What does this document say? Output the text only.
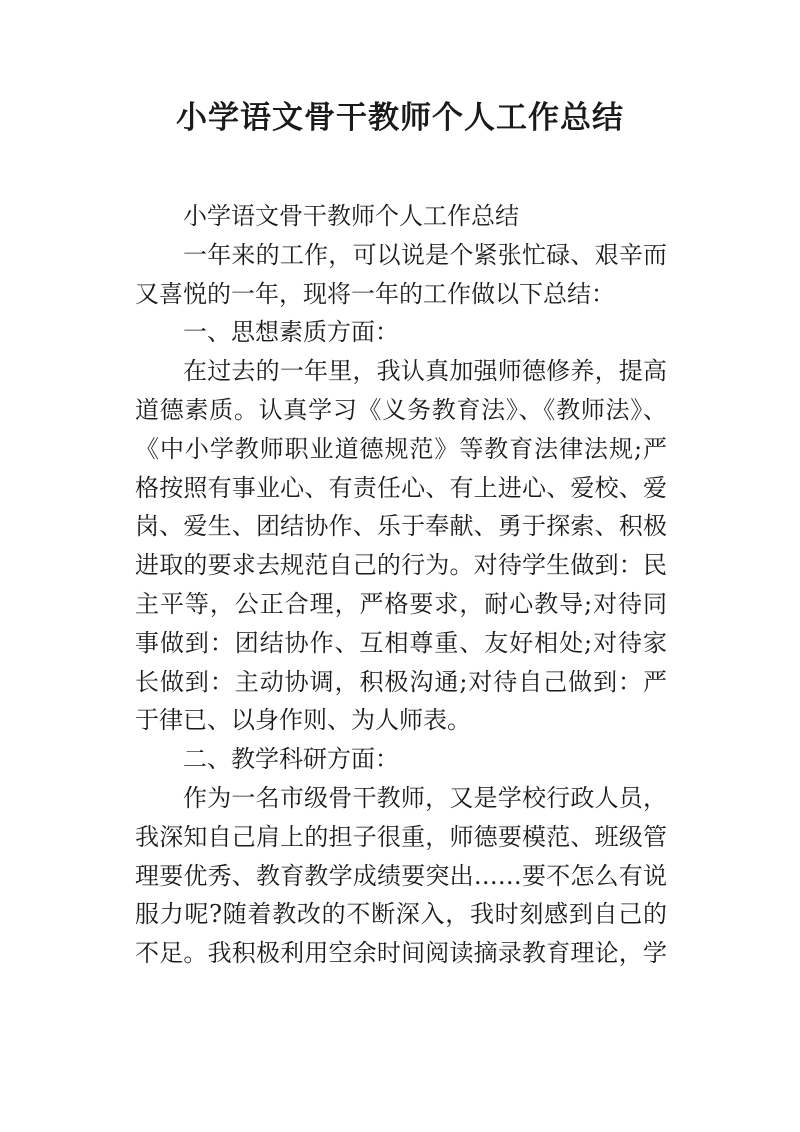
小学语文骨干教师个人工作总结
小学语文骨干教师个人工作总结
一年来的工作，可以说是个紧张忙碌、艰辛而
又喜悦的一年，现将一年的工作做以下总结：
一、思想素质方面：
在过去的一年里，我认真加强师德修养，提高
道德素质。认真学习《义务教育法》、《教师法》、
《中小学教师职业道德规范》等教育法律法规;严
格按照有事业心、有责任心、有上进心、爱校、爱
岗、爱生、团结协作、乐于奉献、勇于探索、积极
进取的要求去规范自己的行为。对待学生做到：民
主平等，公正合理，严格要求，耐心教导;对待同
事做到：团结协作、互相尊重、友好相处;对待家
长做到：主动协调，积极沟通;对待自己做到：严
于律已、以身作则、为人师表。
二、教学科研方面：
作为一名市级骨干教师，又是学校行政人员，
我深知自己肩上的担子很重，师德要模范、班级管
理要优秀、教育教学成绩要突出……要不怎么有说
服力呢?随着教改的不断深入，我时刻感到自己的
不足。我积极利用空余时间阅读摘录教育理论，学
